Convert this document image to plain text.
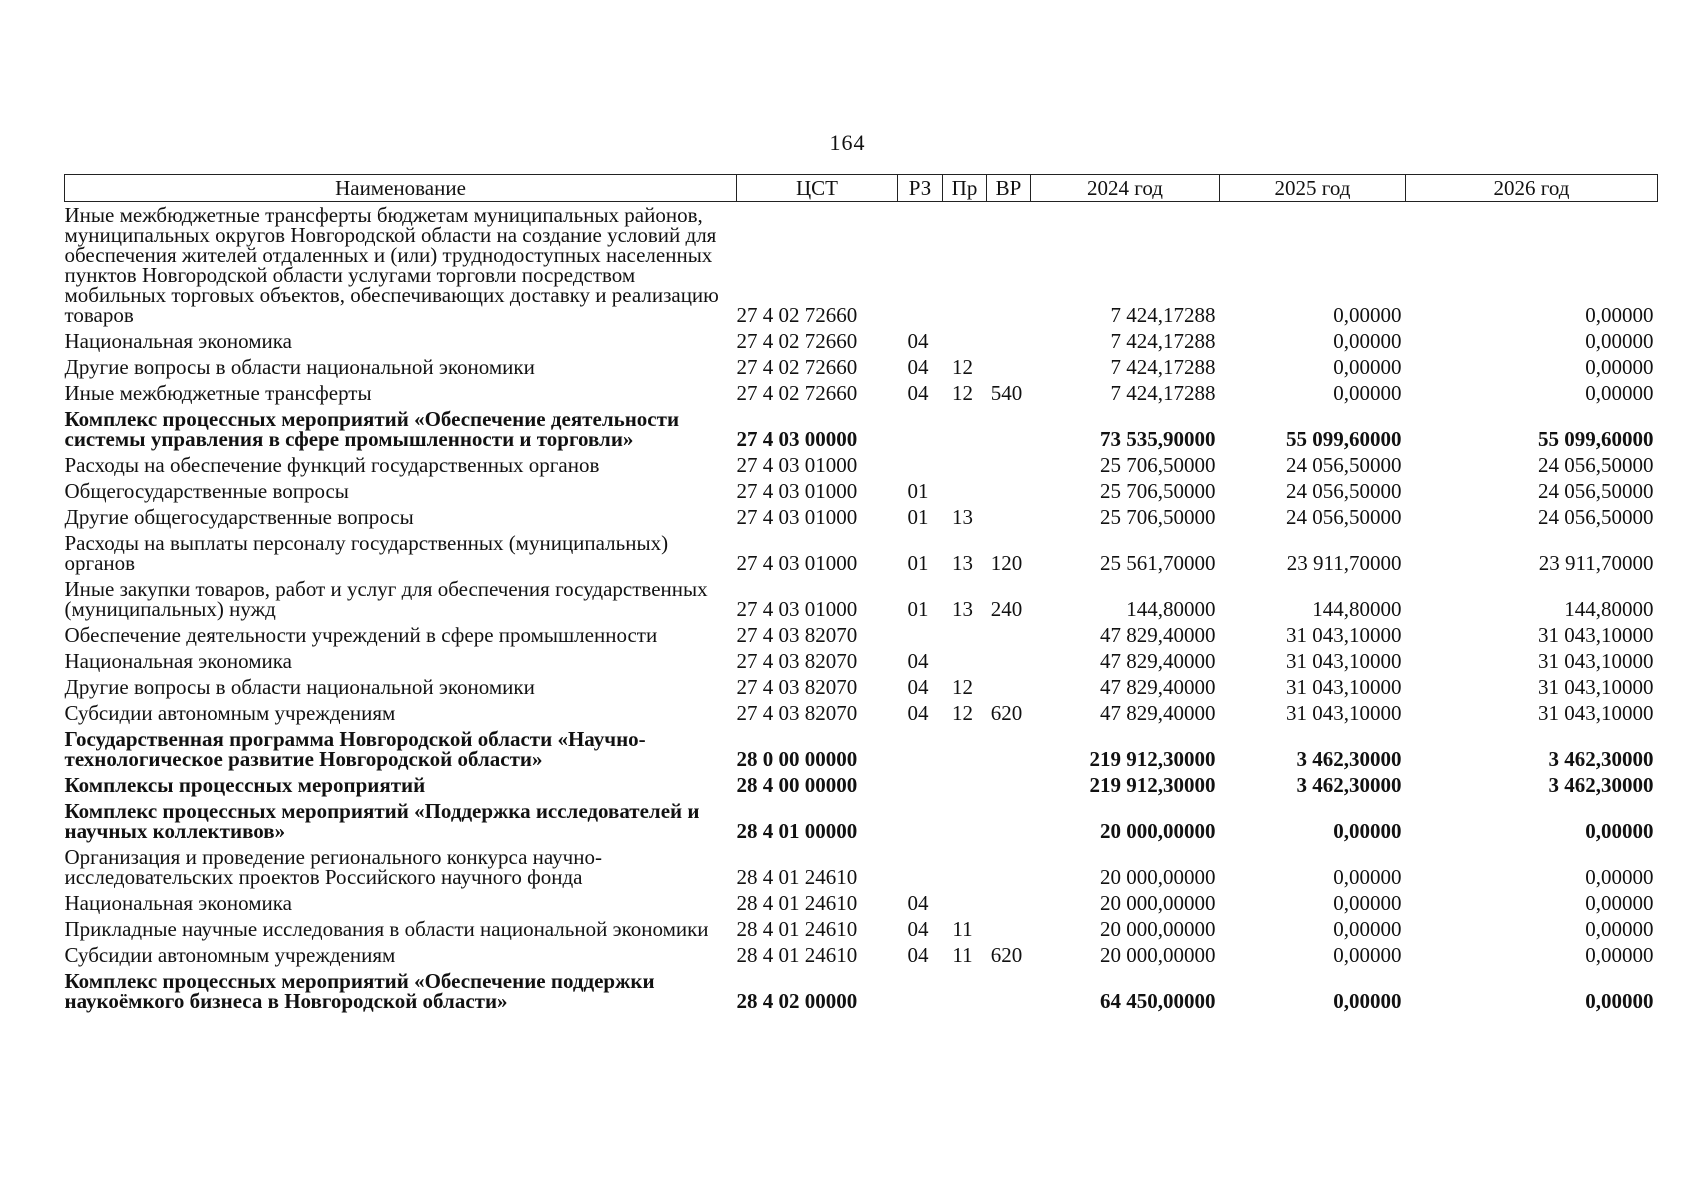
164
Наименование	ЦСТ	РЗ	Пр	ВР	2024 год	2025 год	2026 год
Иные межбюджетные трансферты бюджетам муниципальных районов, муниципальных округов Новгородской области на создание условий для обеспечения жителей отдаленных и (или) труднодоступных населенных пунктов Новгородской области услугами торговли посредством мобильных торговых объектов, обеспечивающих доставку и реализацию товаров	27 4 02 72660				7 424,17288	0,00000	0,00000
Национальная экономика	27 4 02 72660	04			7 424,17288	0,00000	0,00000
Другие вопросы в области национальной экономики	27 4 02 72660	04	12		7 424,17288	0,00000	0,00000
Иные межбюджетные трансферты	27 4 02 72660	04	12	540	7 424,17288	0,00000	0,00000
Комплекс процессных мероприятий «Обеспечение деятельности системы управления в сфере промышленности и торговли»	27 4 03 00000				73 535,90000	55 099,60000	55 099,60000
Расходы на обеспечение функций государственных органов	27 4 03 01000				25 706,50000	24 056,50000	24 056,50000
Общегосударственные вопросы	27 4 03 01000	01			25 706,50000	24 056,50000	24 056,50000
Другие общегосударственные вопросы	27 4 03 01000	01	13		25 706,50000	24 056,50000	24 056,50000
Расходы на выплаты персоналу государственных (муниципальных) органов	27 4 03 01000	01	13	120	25 561,70000	23 911,70000	23 911,70000
Иные закупки товаров, работ и услуг для обеспечения государственных (муниципальных) нужд	27 4 03 01000	01	13	240	144,80000	144,80000	144,80000
Обеспечение деятельности учреждений в сфере промышленности	27 4 03 82070				47 829,40000	31 043,10000	31 043,10000
Национальная экономика	27 4 03 82070	04			47 829,40000	31 043,10000	31 043,10000
Другие вопросы в области национальной экономики	27 4 03 82070	04	12		47 829,40000	31 043,10000	31 043,10000
Субсидии автономным учреждениям	27 4 03 82070	04	12	620	47 829,40000	31 043,10000	31 043,10000
Государственная программа Новгородской области «Научно-технологическое развитие Новгородской области»	28 0 00 00000				219 912,30000	3 462,30000	3 462,30000
Комплексы процессных мероприятий	28 4 00 00000				219 912,30000	3 462,30000	3 462,30000
Комплекс процессных мероприятий «Поддержка исследователей и научных коллективов»	28 4 01 00000				20 000,00000	0,00000	0,00000
Организация и проведение регионального конкурса научно-исследовательских проектов Российского научного фонда	28 4 01 24610				20 000,00000	0,00000	0,00000
Национальная экономика	28 4 01 24610	04			20 000,00000	0,00000	0,00000
Прикладные научные исследования в области национальной экономики	28 4 01 24610	04	11		20 000,00000	0,00000	0,00000
Субсидии автономным учреждениям	28 4 01 24610	04	11	620	20 000,00000	0,00000	0,00000
Комплекс процессных мероприятий «Обеспечение поддержки наукоёмкого бизнеса в Новгородской области»	28 4 02 00000				64 450,00000	0,00000	0,00000
